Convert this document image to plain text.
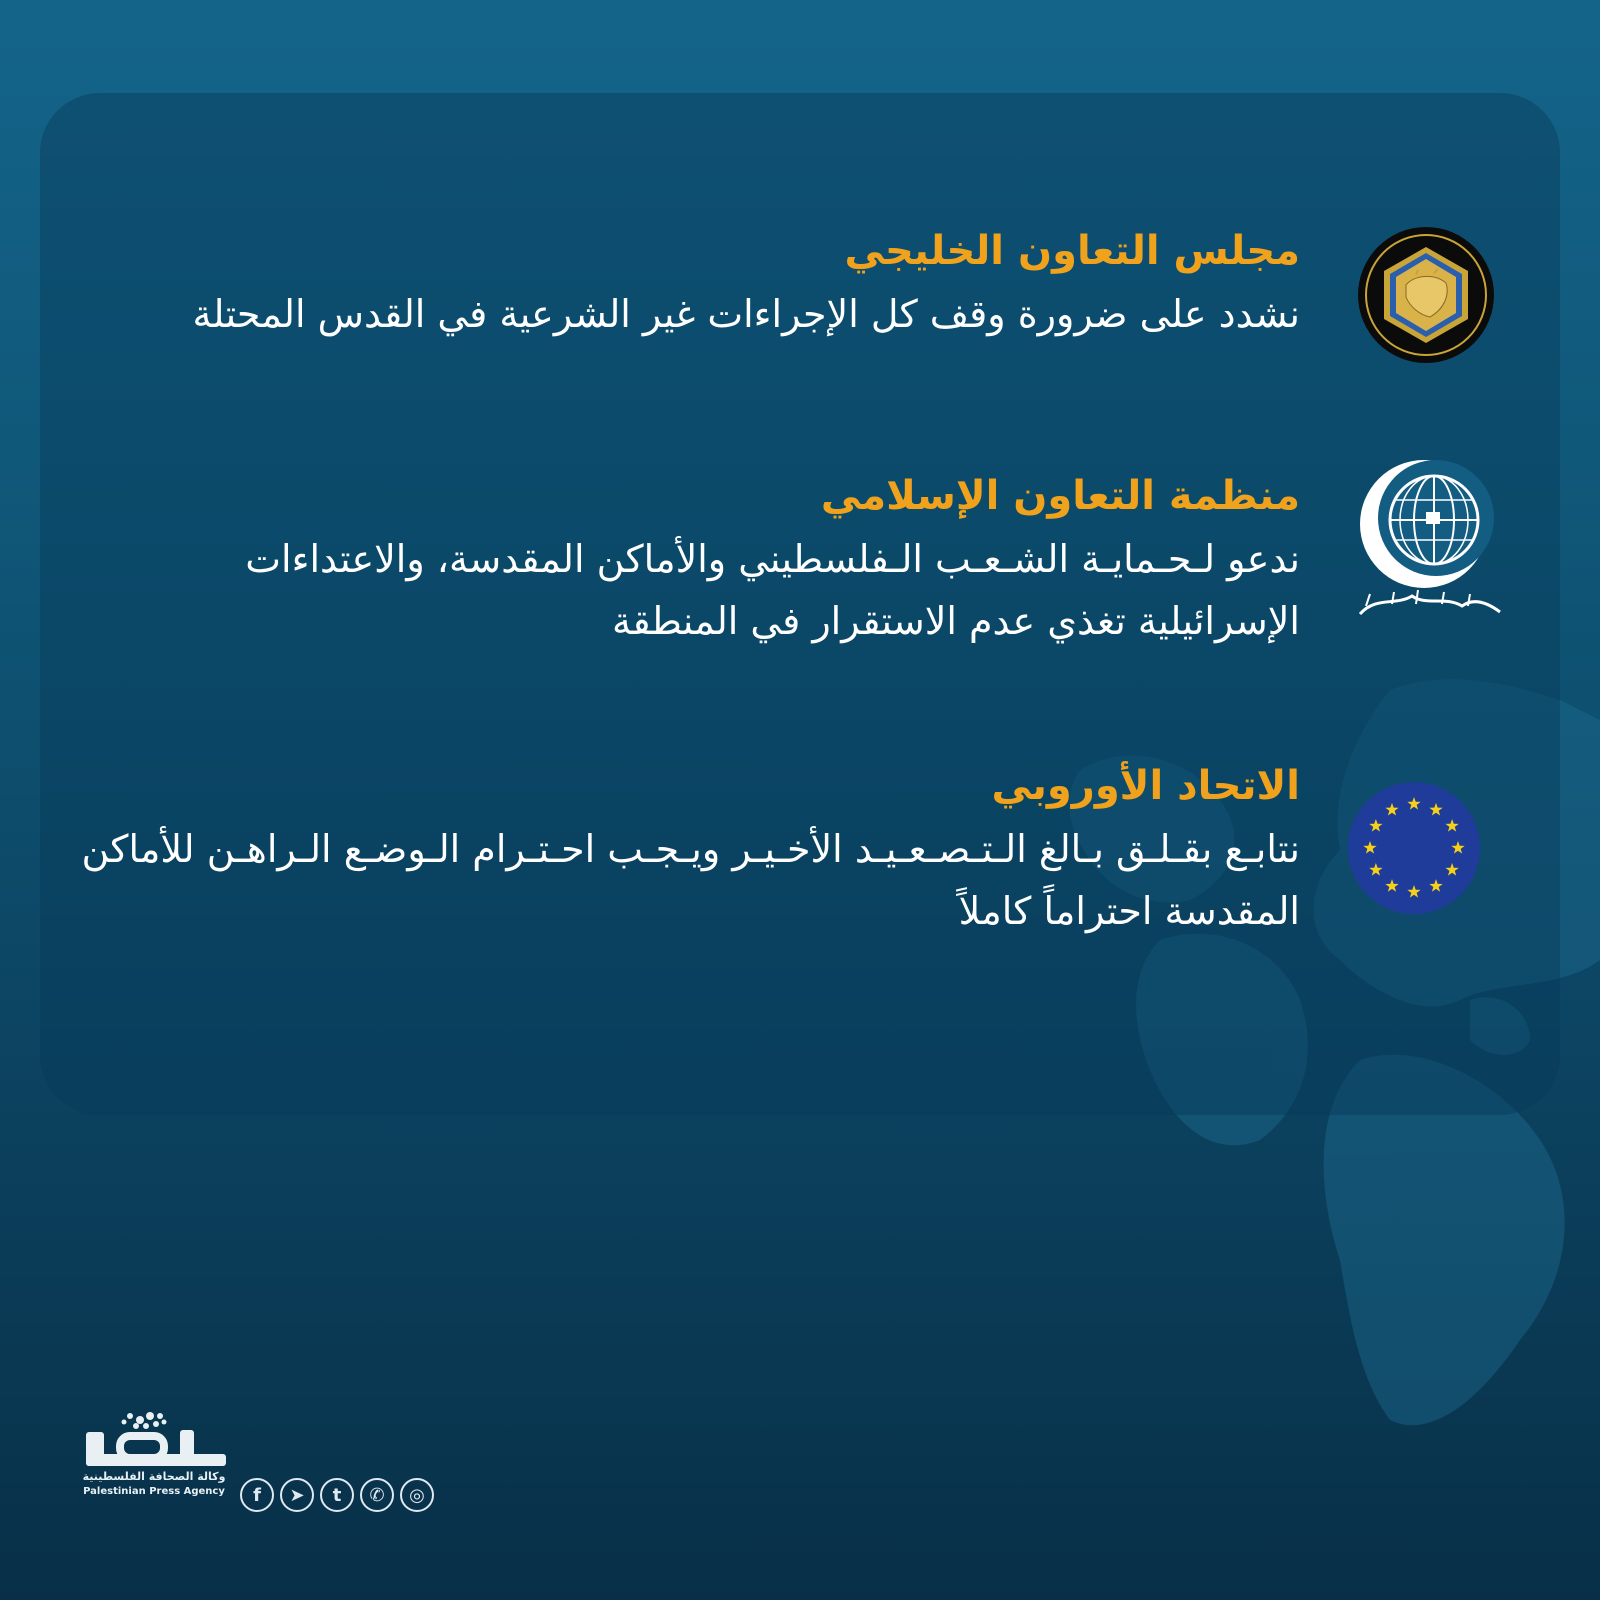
مجلس التعاون الخليجي

نشدد على ضرورة وقف كل الإجراءات غير الشرعية في القدس المحتلة

منظمة التعاون الإسلامي

ندعو لـحـمايـة الشـعـب الـفلسطيني والأماكن المقدسة، والاعتداءات الإسرائيلية تغذي عدم الاستقرار في المنطقة

الاتحاد الأوروبي

نتابـع بقـلـق بـالغ الـتـصـعـيـد الأخـيـر ويـجـب احـتـرام الـوضـع الـراهـن للأماكن المقدسة احتراماً كاملاً

وكالة الصحافة الفلسطينية
Palestinian Press Agency	f	➤	t	✆	◎
